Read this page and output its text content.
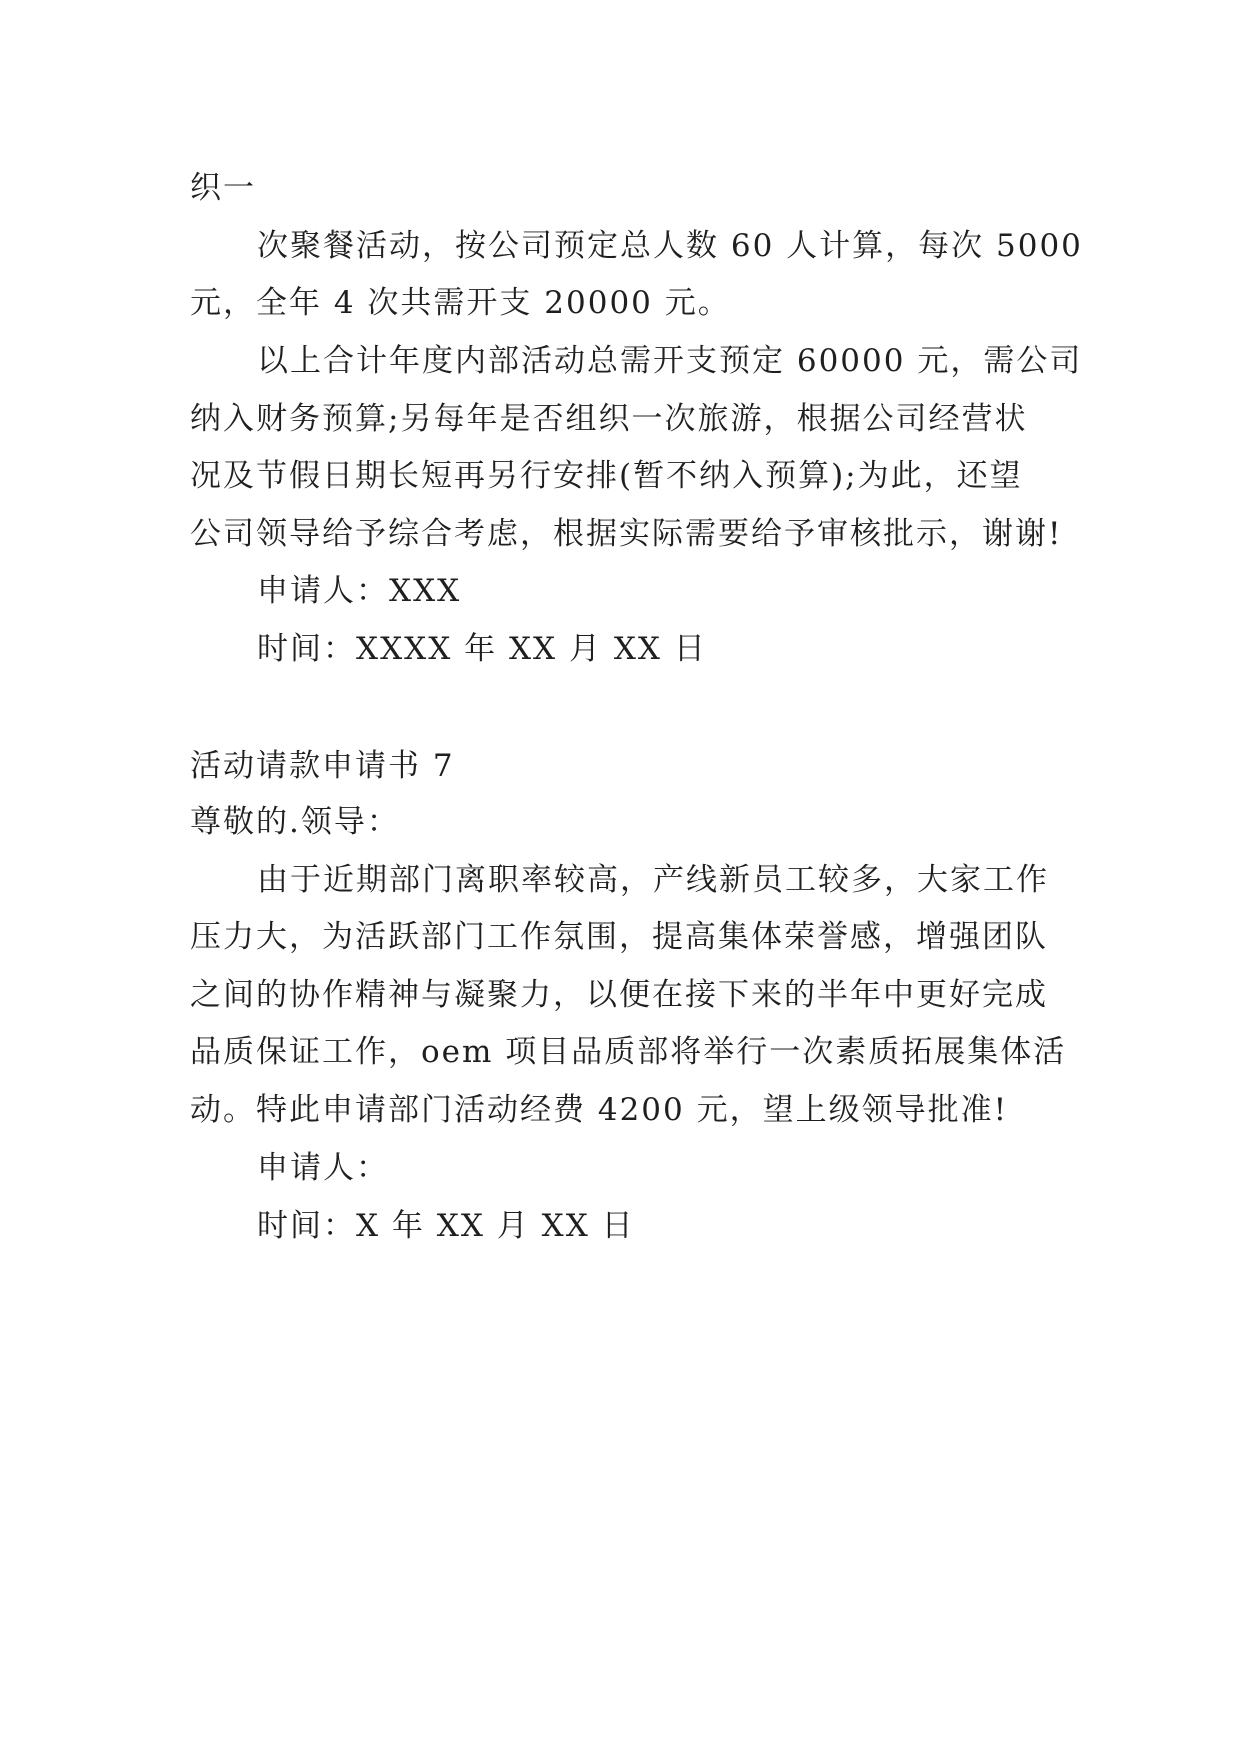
织一
次聚餐活动，按公司预定总人数 60 人计算，每次 5000
元，全年 4 次共需开支 20000 元。
以上合计年度内部活动总需开支预定 60000 元，需公司
纳入财务预算;另每年是否组织一次旅游，根据公司经营状
况及节假日期长短再另行安排(暂不纳入预算);为此，还望
公司领导给予综合考虑，根据实际需要给予审核批示，谢谢!
申请人：XXX
时间：XXXX 年 XX 月 XX 日
活动请款申请书 7
尊敬的.领导：
由于近期部门离职率较高，产线新员工较多，大家工作
压力大，为活跃部门工作氛围，提高集体荣誉感，增强团队
之间的协作精神与凝聚力，以便在接下来的半年中更好完成
品质保证工作，oem 项目品质部将举行一次素质拓展集体活
动。特此申请部门活动经费 4200 元，望上级领导批准!
申请人：
时间：X 年 XX 月 XX 日
